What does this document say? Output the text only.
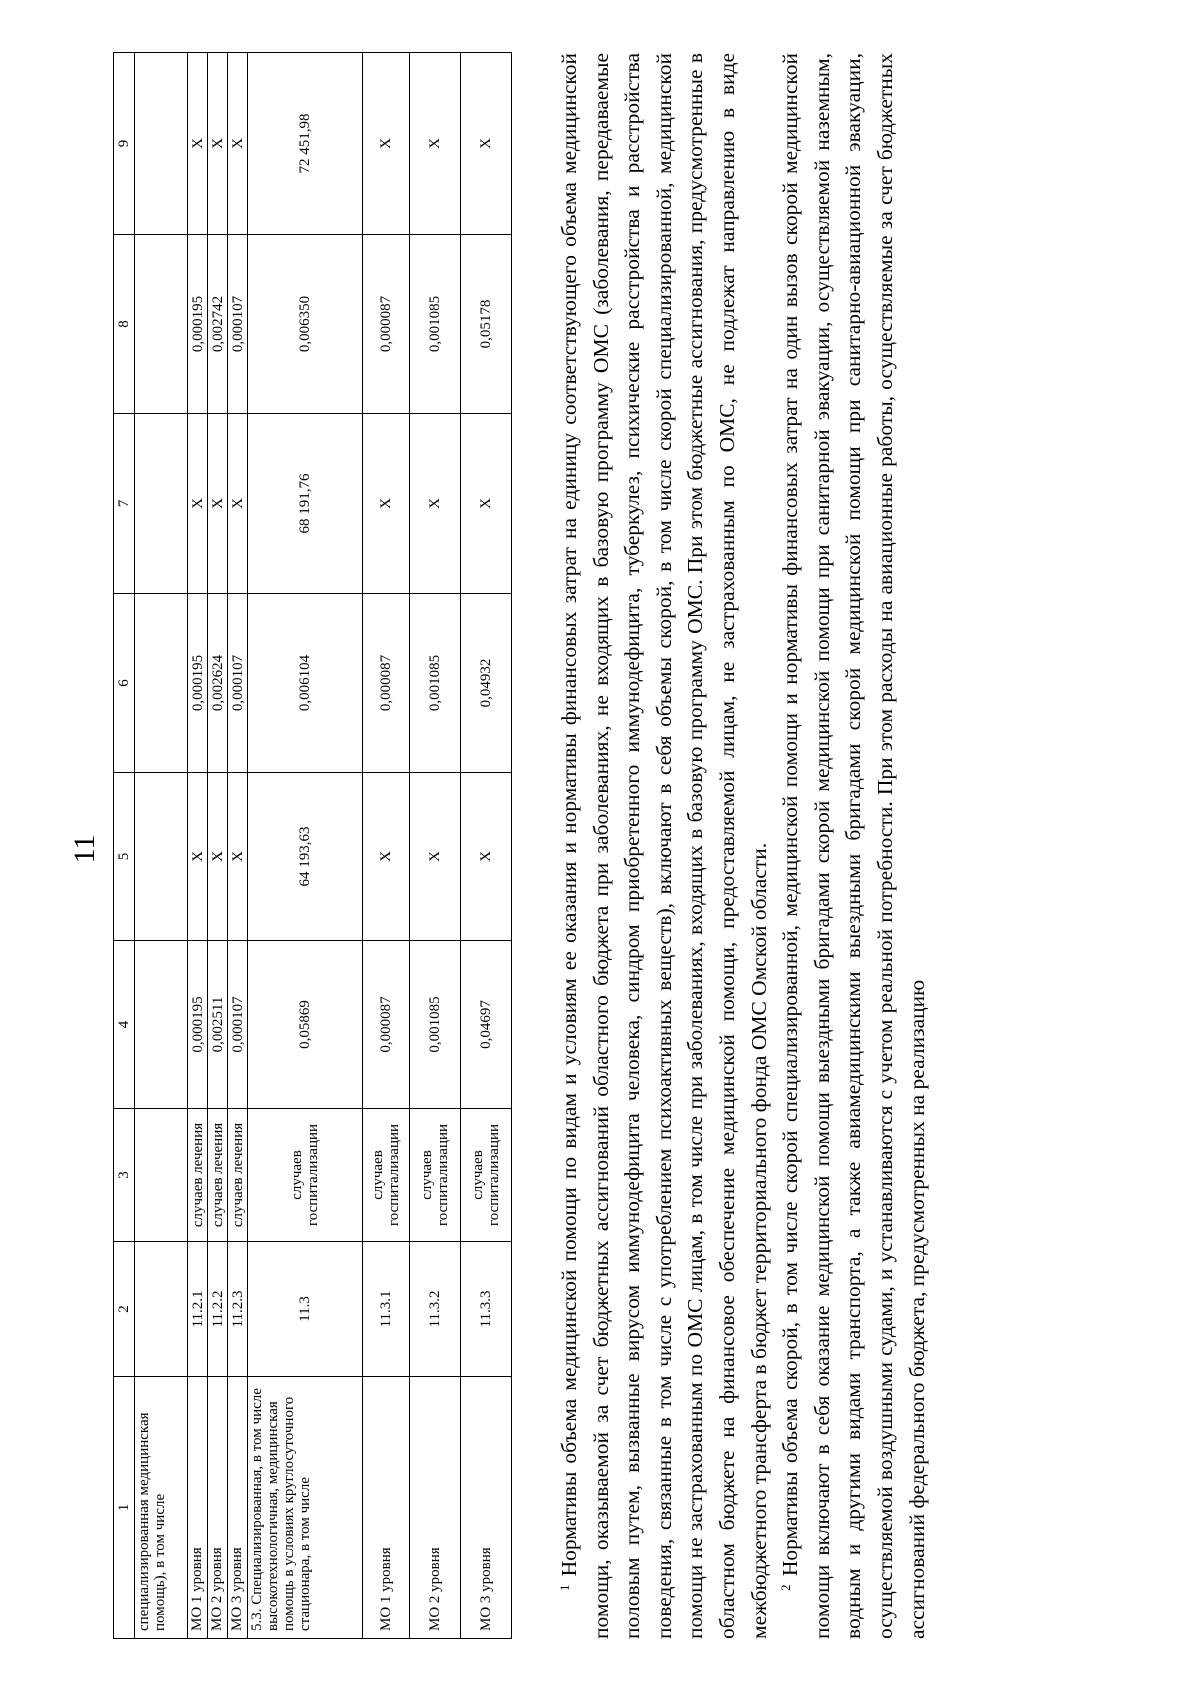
11
1	2	3	4	5	6	7	8	9
специализированная медицинская помощь), в том числе								
МО 1 уровня	11.2.1	случаев лечения	0,000195	Х	0,000195	Х	0,000195	Х
МО 2 уровня	11.2.2	случаев лечения	0,002511	Х	0,002624	Х	0,002742	Х
МО 3 уровня	11.2.3	случаев лечения	0,000107	Х	0,000107	Х	0,000107	Х
5.3. Специализированная, в том числе высокотехнологичная, медицинская помощь в условиях круглосуточного стационара, в том числе	11.3	случаев госпитализации	0,05869	64 193,63	0,006104	68 191,76	0,006350	72 451,98
МО 1 уровня	11.3.1	случаев госпитализации	0,000087	Х	0,000087	Х	0,000087	Х
МО 2 уровня	11.3.2	случаев госпитализации	0,001085	Х	0,001085	Х	0,001085	Х
МО 3 уровня	11.3.3	случаев госпитализации	0,04697	Х	0,04932	Х	0,05178	Х

$^1$ Нормативы объема медицинской помощи по видам и условиям ее оказания и нормативы финансовых затрат на единицу соответствующего объема медицинской помощи, оказываемой за счет бюджетных ассигнований областного бюджета при заболеваниях, не входящих в базовую программу ОМС (заболевания, передаваемые половым путем, вызванные вирусом иммунодефицита человека, синдром приобретенного иммунодефицита, туберкулез, психические расстройства и расстройства поведения, связанные в том числе с употреблением психоактивных веществ), включают в себя объемы скорой, в том числе скорой специализированной, медицинской помощи не застрахованным по ОМС лицам, в том числе при заболеваниях, входящих в базовую программу ОМС. При этом бюджетные ассигнования, предусмотренные в областном бюджете на финансовое обеспечение медицинской помощи, предоставляемой лицам, не застрахованным по ОМС, не подлежат направлению в виде межбюджетного трансферта в бюджет территориального фонда ОМС Омской области. $^2$ Нормативы объема скорой, в том числе скорой специализированной, медицинской помощи и нормативы финансовых затрат на один вызов скорой медицинской помощи включают в себя оказание медицинской помощи выездными бригадами скорой медицинской помощи при санитарной эвакуации, осуществляемой наземным, водным и другими видами транспорта, а также авиамедицинскими выездными бригадами скорой медицинской помощи при санитарно-авиационной эвакуации, осуществляемой воздушными судами, и устанавливаются с учетом реальной потребности. При этом расходы на авиационные работы, осуществляемые за счет бюджетных ассигнований федерального бюджета, предусмотренных на реализацию
